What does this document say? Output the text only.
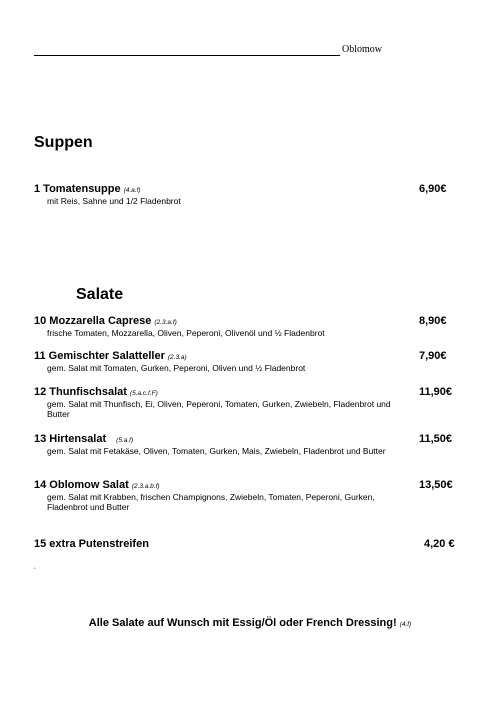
Oblomow
Suppen
1 Tomatensuppe (4.a.f)	6,90€
mit Reis, Sahne und 1/2 Fladenbrot
Salate
10 Mozzarella Caprese (2.3.a.f)	8,90€
frische Tomaten, Mozzarella, Oliven, Peperoni, Olivenöl und ½ Fladenbrot
11 Gemischter Salatteller (2.3.a)	7,90€
gem. Salat mit Tomaten, Gurken, Peperoni, Oliven und ½ Fladenbrot
12 Thunfischsalat (5.a.c.f.F)	11,90€
gem. Salat mit Thunfisch, Ei, Oliven, Peperoni, Tomaten, Gurken, Zwiebeln, Fladenbrot und Butter
13 Hirtensalat (5.a.f)	11,50€
gem. Salat mit Fetakäse, Oliven, Tomaten, Gurken, Mais, Zwiebeln, Fladenbrot und Butter
14 Oblomow Salat (2.3.a.b.f)	13,50€
gem. Salat mit Krabben, frischen Champignons, Zwiebeln, Tomaten, Peperoni, Gurken, Fladenbrot und Butter
15 extra Putenstreifen	4,20 €
*
Alle Salate auf Wunsch mit Essig/Öl oder French Dressing! (4.f)
